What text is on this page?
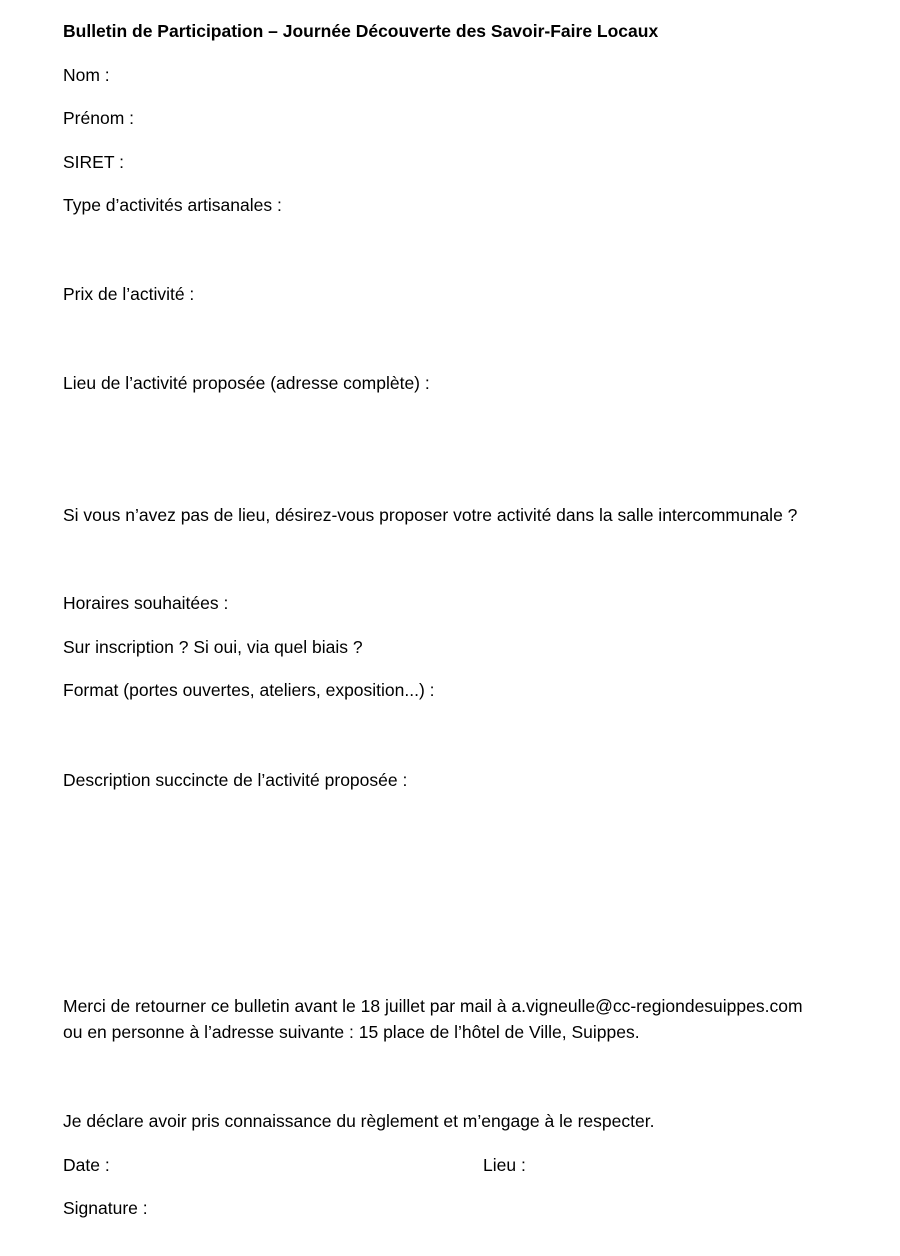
Bulletin de Participation – Journée Découverte des Savoir-Faire Locaux
Nom :
Prénom :
SIRET :
Type d’activités artisanales :
Prix de l’activité :
Lieu de l’activité proposée (adresse complète) :
Si vous n’avez pas de lieu, désirez-vous proposer votre activité dans la salle intercommunale ?
Horaires souhaitées :
Sur inscription ? Si oui, via quel biais ?
Format (portes ouvertes, ateliers, exposition...) :
Description succincte de l’activité proposée :
Merci de retourner ce bulletin avant le 18 juillet par mail à a.vigneulle@cc-regiondesuippes.com
ou en personne à l’adresse suivante : 15 place de l’hôtel de Ville, Suippes.
Je déclare avoir pris connaissance du règlement et m’engage à le respecter.
Date :	Lieu :
Signature :
